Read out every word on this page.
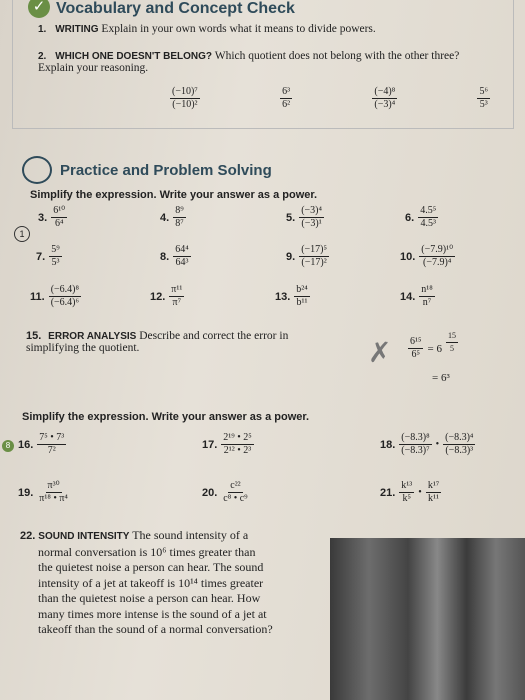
✓ Vocabulary and Concept Check
1. WRITING Explain in your own words what it means to divide powers.
2. WHICH ONE DOESN'T BELONG? Which quotient does not belong with the other three? Explain your reasoning.
$\frac{\text{(−10)⁷}}{\text{(−10)²}}$	$\frac{\text{6³}}{\text{6²}}$	$\frac{\text{(−4)⁸}}{\text{(−3)⁴}}$	$\frac{\text{5⁶}}{\text{5³}}$
Practice and Problem Solving
Simplify the expression. Write your answer as a power.
3. $\frac{\text{6¹⁰}}{\text{6⁴}}$	4. $\frac{\text{8⁹}}{\text{8⁷}}$	5. $\frac{\text{(−3)⁴}}{\text{(−3)¹}}$	6. $\frac{\text{4.5⁵}}{\text{4.5³}}$
1
7. $\frac{\text{5⁹}}{\text{5³}}$	8. $\frac{\text{64⁴}}{\text{64³}}$	9. $\frac{\text{(−17)⁵}}{\text{(−17)²}}$	10. $\frac{\text{(−7.9)¹⁰}}{\text{(−7.9)⁴}}$
11. $\frac{\text{(−6.4)⁸}}{\text{(−6.4)⁶}}$	12. $\frac{\text{π¹¹}}{\text{π⁷}}$	13. $\frac{\text{b²⁴}}{\text{b¹¹}}$	14. $\frac{\text{n¹⁸}}{\text{n⁷}}$
15. ERROR ANALYSIS Describe and correct the error in simplifying the quotient.	✗ $\frac{\text{6¹⁵}}{\text{6⁵}} = 6 \frac{15}{5}$
= 6³
Simplify the expression. Write your answer as a power.
8 16. $\frac{\text{7⁵ • 7³}}{\text{7²}}$	17. $\frac{\text{2¹⁹ • 2⁵}}{\text{2¹² • 2³}}$	18. $\frac{\text{(−8.3)⁸}}{\text{(−8.3)⁷}}$ • $\frac{\text{(−8.3)⁴}}{\text{(−8.3)³}}$
19. $\frac{\text{π³⁰}}{\text{π¹⁸ • π⁴}}$	20. $\frac{\text{c²²}}{\text{c⁸ • c⁹}}$	21. $\frac{\text{k¹³}}{\text{k⁵}}$ • $\frac{\text{k¹⁷}}{\text{k¹¹}}$
22. SOUND INTENSITY The sound intensity of a
normal conversation is 10⁶ times greater than
the quietest noise a person can hear. The sound
intensity of a jet at takeoff is 10¹⁴ times greater
than the quietest noise a person can hear. How
many times more intense is the sound of a jet at
takeoff than the sound of a normal conversation?
